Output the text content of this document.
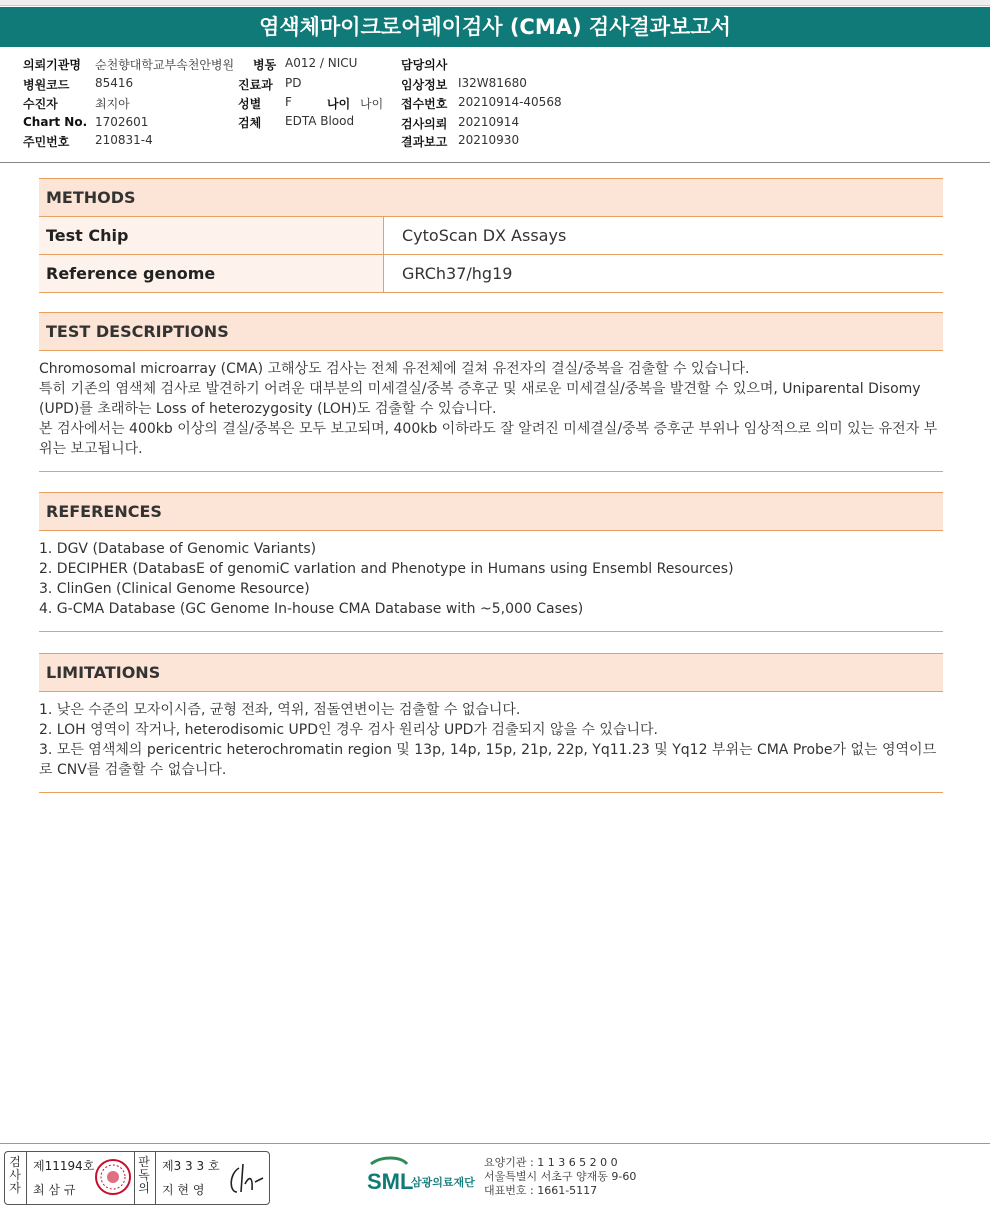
염색체마이크로어레이검사 (CMA) 검사결과보고서
의뢰기관명 순천향대학교부속천안병원 병동 A012 / NICU	담당의사
병원코드 85416	진료과 PD	임상정보 I32W81680
수진자	최지아	성별 F	나이 나이 접수번호 20210914-40568
Chart No. 1702601	검체 EDTA Blood	검사의뢰 20210914
주민번호 210831-4	결과보고 20210930
METHODS
Test Chip	CytoScan DX Assays
Reference genome	GRCh37/hg19
TEST DESCRIPTIONS

Chromosomal microarray (CMA) 고해상도 검사는 전체 유전체에 걸쳐 유전자의 결실/중복을 검출할 수 있습니다.

특히 기존의 염색체 검사로 발견하기 어려운 대부분의 미세결실/중복 증후군 및 새로운 미세결실/중복을 발견할 수 있으며, Uniparental Disomy (UPD)를 초래하는 Loss of heterozygosity (LOH)도 검출할 수 있습니다.

본 검사에서는 400kb 이상의 결실/중복은 모두 보고되며, 400kb 이하라도 잘 알려진 미세결실/중복 증후군 부위나 임상적으로 의미 있는 유전자 부위는 보고됩니다.

REFERENCES

1. DGV (Database of Genomic Variants)

2. DECIPHER (DatabasE of genomiC varIation and Phenotype in Humans using Ensembl Resources)

3. ClinGen (Clinical Genome Resource)

4. G-CMA Database (GC Genome In-house CMA Database with ~5,000 Cases)

LIMITATIONS

1. 낮은 수준의 모자이시즘, 균형 전좌, 역위, 점돌연변이는 검출할 수 없습니다.

2. LOH 영역이 작거나, heterodisomic UPD인 경우 검사 원리상 UPD가 검출되지 않을 수 있습니다.

3. 모든 염색체의 pericentric heterochromatin region 및 13p, 14p, 15p, 21p, 22p, Yq11.23 및 Yq12 부위는 CMA Probe가 없는 영역이므로 CNV를 검출할 수 없습니다.

검
사
자
제11194호
최 삼 규
판
독
의
제3 3 3 호
지 현 영	SML
삼광의료재단
요양기관 : 1 1 3 6 5 2 0 0
서울특별시 서초구 양재동 9-60
대표번호 : 1661-5117
